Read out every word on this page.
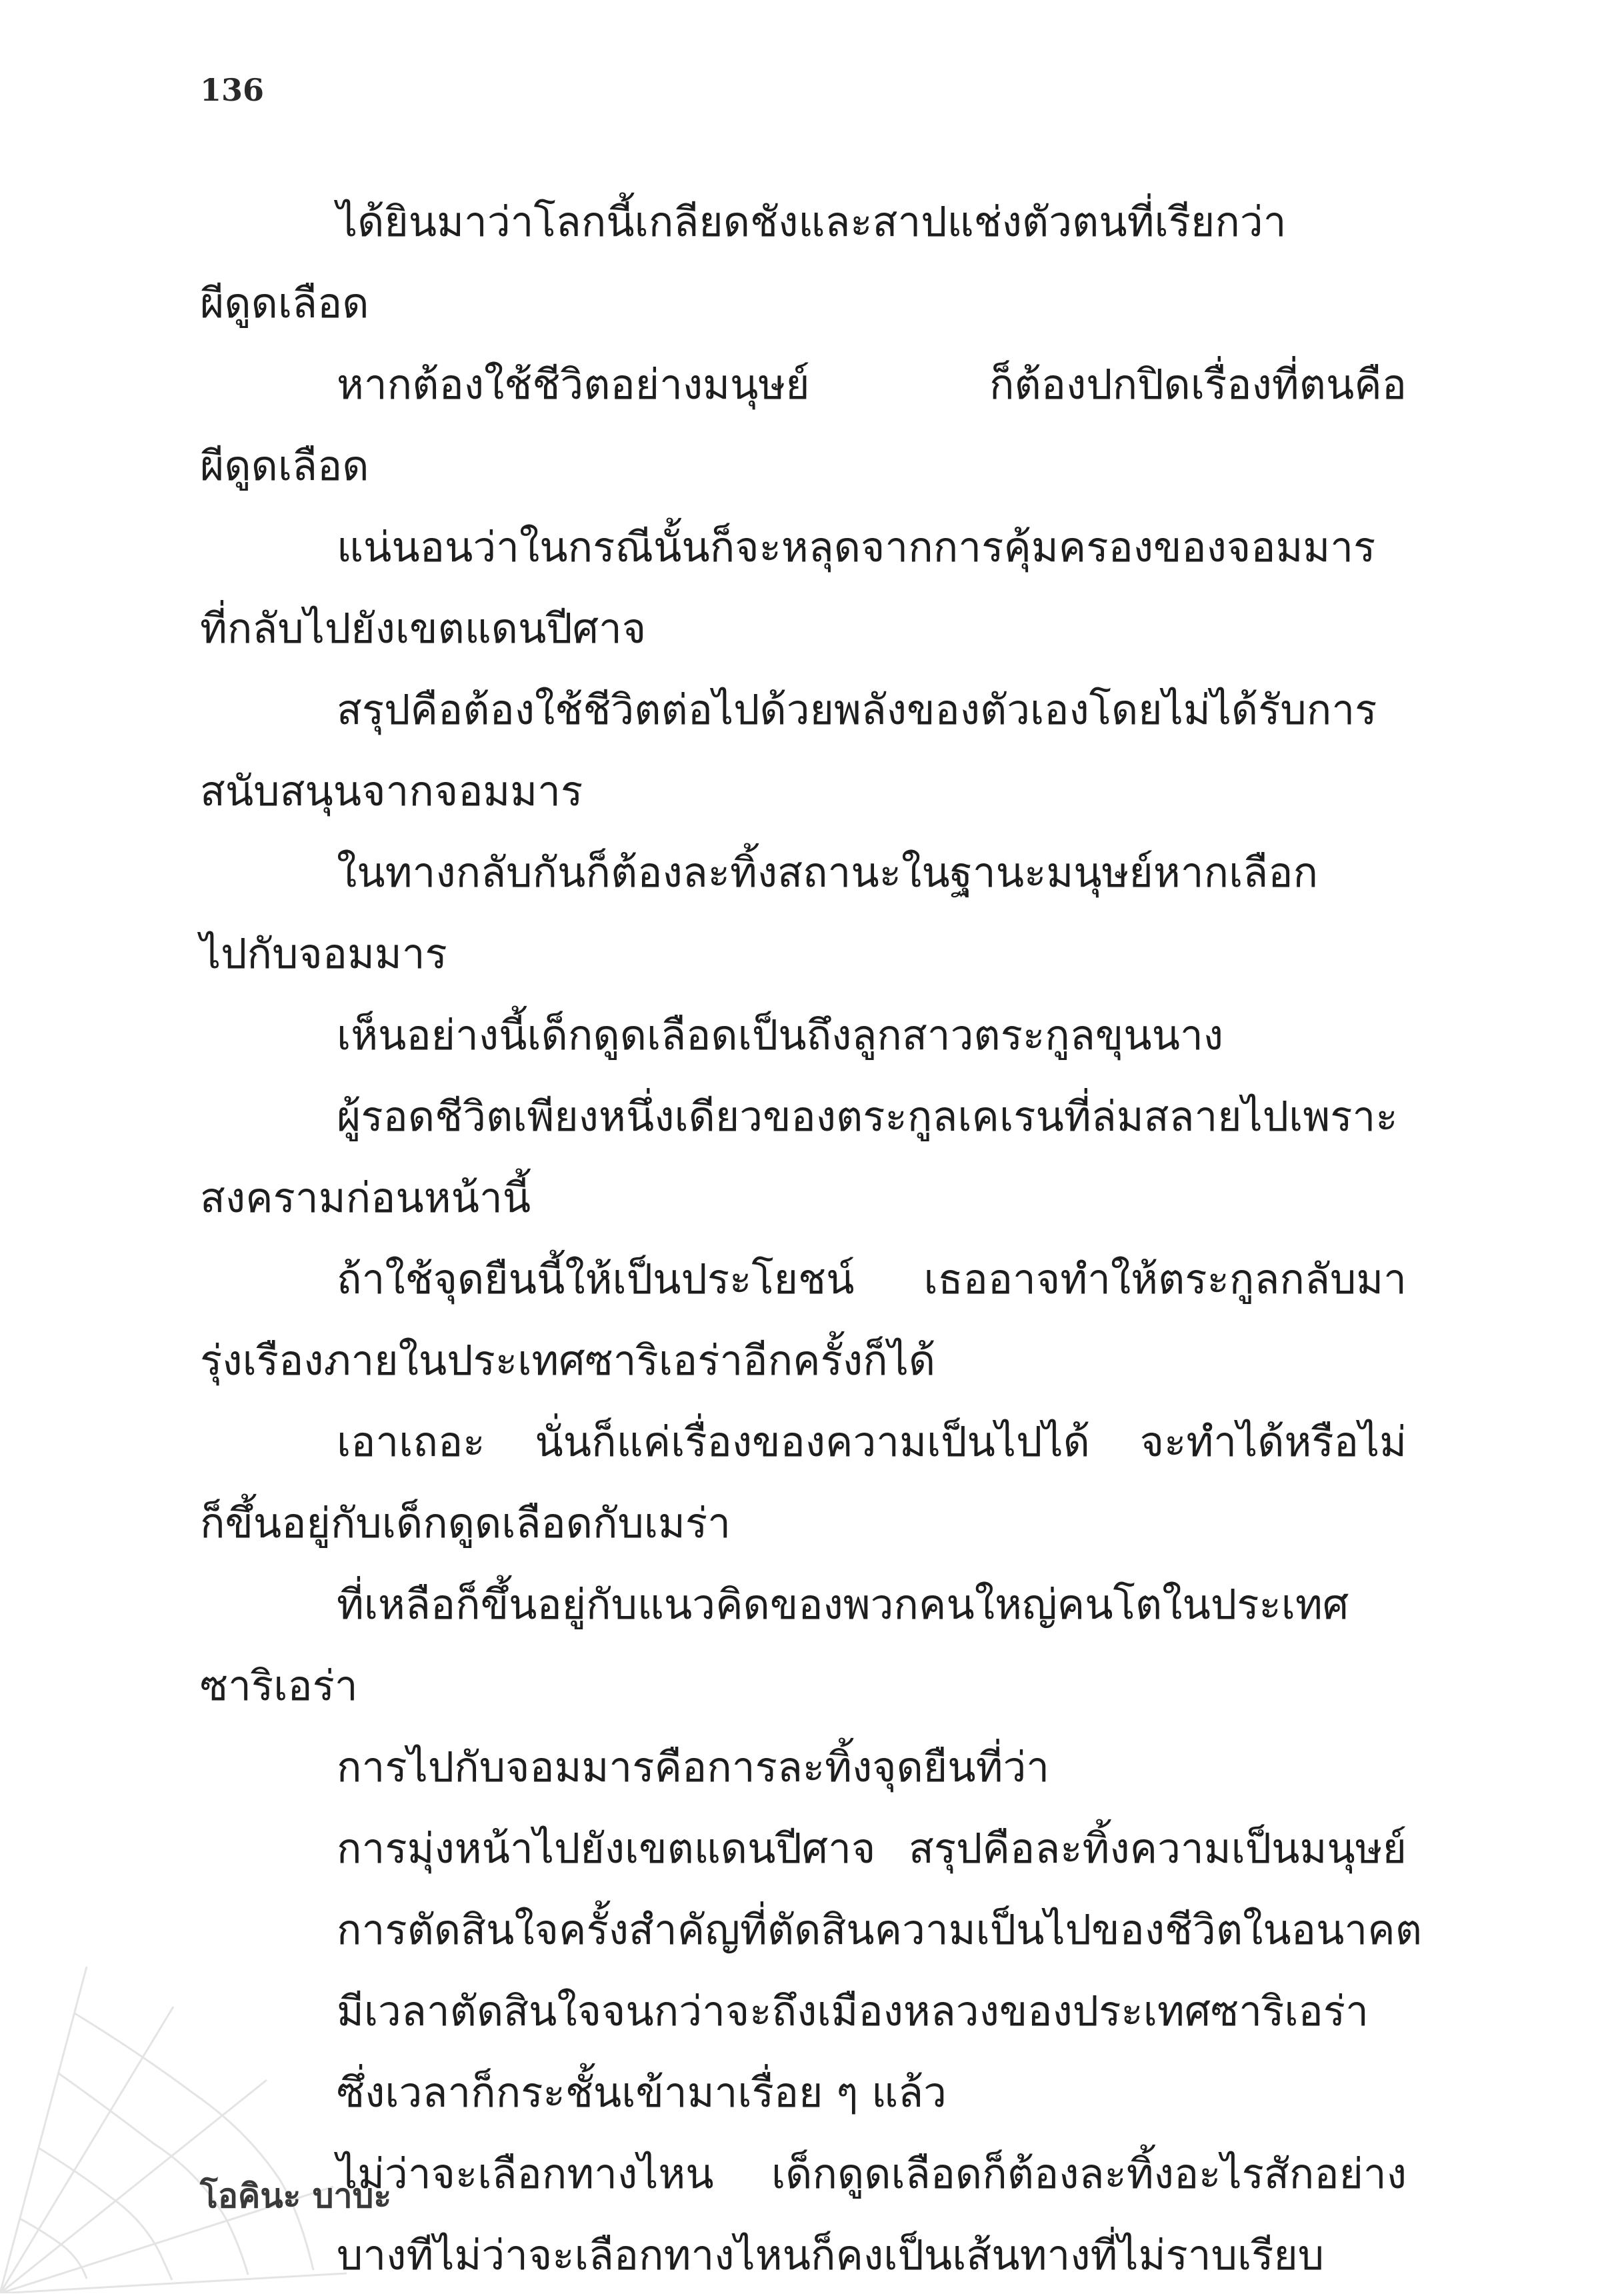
136
ได้ยินมาว่าโลกนี้เกลียดชังและสาปแช่งตัวตนที่เรียกว่า
ผีดูดเลือด
หากต้องใช้ชีวิตอย่างมนุษย์ ก็ต้องปกปิดเรื่องที่ตนคือ
ผีดูดเลือด
แน่นอนว่าในกรณีนั้นก็จะหลุดจากการคุ้มครองของจอมมาร
ที่กลับไปยังเขตแดนปีศาจ
สรุปคือต้องใช้ชีวิตต่อไปด้วยพลังของตัวเองโดยไม่ได้รับการ
สนับสนุนจากจอมมาร
ในทางกลับกันก็ต้องละทิ้งสถานะในฐานะมนุษย์หากเลือก
ไปกับจอมมาร
เห็นอย่างนี้เด็กดูดเลือดเป็นถึงลูกสาวตระกูลขุนนาง
ผู้รอดชีวิตเพียงหนึ่งเดียวของตระกูลเคเรนที่ล่มสลายไปเพราะ
สงครามก่อนหน้านี้
ถ้าใช้จุดยืนนี้ให้เป็นประโยชน์ เธออาจทำให้ตระกูลกลับมา
รุ่งเรืองภายในประเทศซาริเอร่าอีกครั้งก็ได้
เอาเถอะ นั่นก็แค่เรื่องของความเป็นไปได้ จะทำได้หรือไม่
ก็ขึ้นอยู่กับเด็กดูดเลือดกับเมร่า
ที่เหลือก็ขึ้นอยู่กับแนวคิดของพวกคนใหญ่คนโตในประเทศ
ซาริเอร่า
การไปกับจอมมารคือการละทิ้งจุดยืนที่ว่า
การมุ่งหน้าไปยังเขตแดนปีศาจ สรุปคือละทิ้งความเป็นมนุษย์
การตัดสินใจครั้งสำคัญที่ตัดสินความเป็นไปของชีวิตในอนาคต
มีเวลาตัดสินใจจนกว่าจะถึงเมืองหลวงของประเทศซาริเอร่า
ซึ่งเวลาก็กระชั้นเข้ามาเรื่อย ๆ แล้ว
ไม่ว่าจะเลือกทางไหน เด็กดูดเลือดก็ต้องละทิ้งอะไรสักอย่าง
บางทีไม่ว่าจะเลือกทางไหนก็คงเป็นเส้นทางที่ไม่ราบเรียบ
โอคินะ บาบะ
